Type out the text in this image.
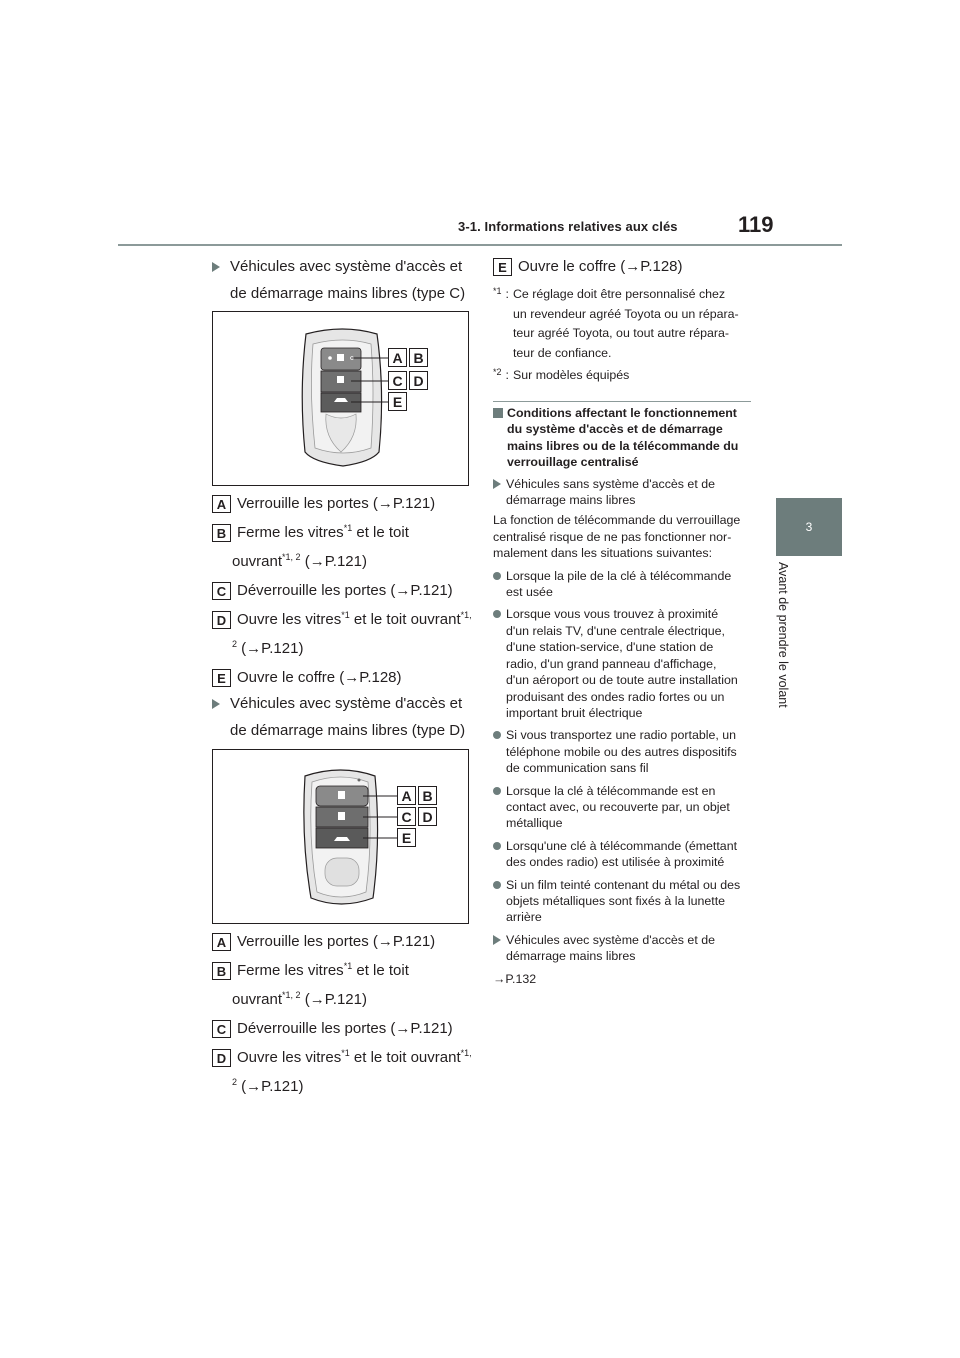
3-1. Informations relatives aux clés	119
3
Avant de prendre le volant
Véhicules avec système d'accès et
de démarrage mains libres (type C)
A B
C D
E
A Verrouille les portes (→P.121)
B Ferme les vitres$^{*1}$ et le toit
ouvrant$^{*1, 2}$ (→P.121)
C Déverrouille les portes (→P.121)
D Ouvre les vitres$^{*1}$ et le toit ouvrant$^{*1,}$
$^2$ (→P.121)
E Ouvre le coffre (→P.128)
Véhicules avec système d'accès et
de démarrage mains libres (type D)
A B
C D
E
A Verrouille les portes (→P.121)
B Ferme les vitres$^{*1}$ et le toit
ouvrant$^{*1, 2}$ (→P.121)
C Déverrouille les portes (→P.121)
D Ouvre les vitres$^{*1}$ et le toit ouvrant$^{*1,}$
$^2$ (→P.121)
E Ouvre le coffre (→P.128)
*1 : Ce réglage doit être personnalisé chez
un revendeur agréé Toyota ou un répara-
teur agréé Toyota, ou tout autre répara-
teur de confiance.
*2 : Sur modèles équipés
Conditions affectant le fonctionnement
du système d'accès et de démarrage
mains libres ou de la télécommande du
verrouillage centralisé
Véhicules sans système d'accès et de
démarrage mains libres
La fonction de télécommande du verrouillage
centralisé risque de ne pas fonctionner nor-
malement dans les situations suivantes:
Lorsque la pile de la clé à télécommande
est usée
Lorsque vous vous trouvez à proximité
d'un relais TV, d'une centrale électrique,
d'une station-service, d'une station de
radio, d'un grand panneau d'affichage,
d'un aéroport ou de toute autre installation
produisant des ondes radio fortes ou un
important bruit électrique
Si vous transportez une radio portable, un
téléphone mobile ou des autres dispositifs
de communication sans fil
Lorsque la clé à télécommande est en
contact avec, ou recouverte par, un objet
métallique
Lorsqu'une clé à télécommande (émettant
des ondes radio) est utilisée à proximité
Si un film teinté contenant du métal ou des
objets métalliques sont fixés à la lunette
arrière
Véhicules avec système d'accès et de
démarrage mains libres
→P.132
